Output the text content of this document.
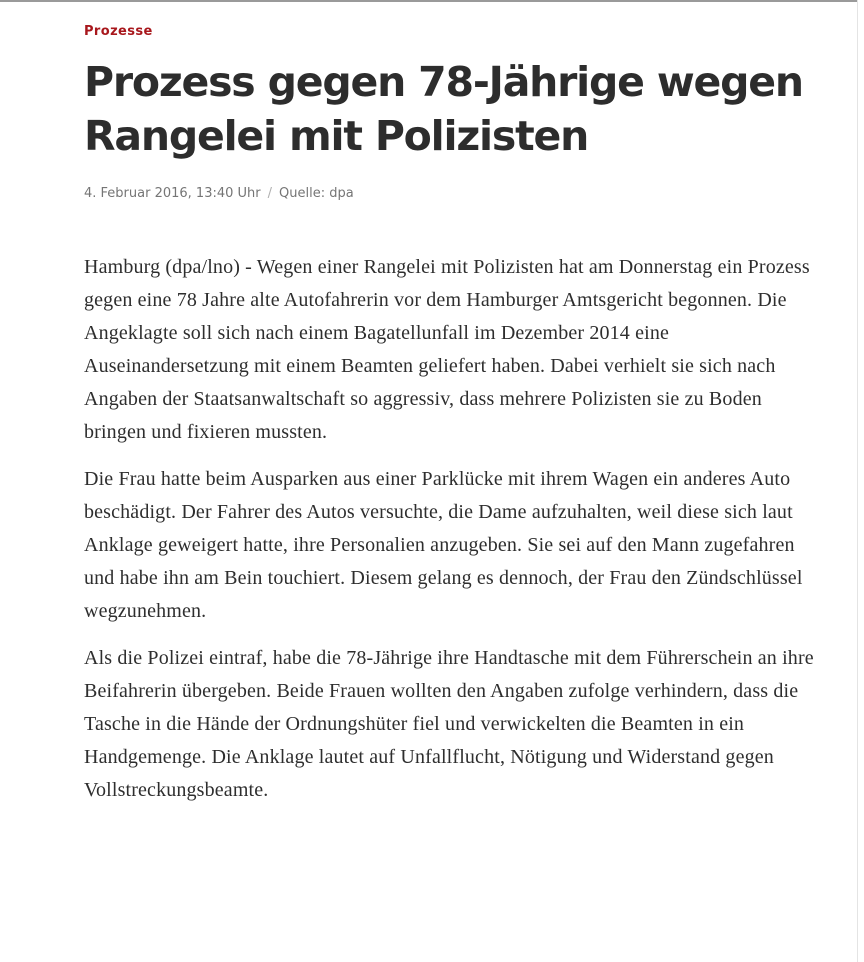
Prozesse
Prozess gegen 78-Jährige wegen Rangelei mit Polizisten
4. Februar 2016, 13:40 Uhr / Quelle: dpa

Hamburg (dpa/lno) - Wegen einer Rangelei mit Polizisten hat am Donnerstag ein Prozess gegen eine 78 Jahre alte Autofahrerin vor dem Hamburger Amtsgericht begonnen. Die Angeklagte soll sich nach einem Bagatellunfall im Dezember 2014 eine Auseinandersetzung mit einem Beamten geliefert haben. Dabei verhielt sie sich nach Angaben der Staatsanwaltschaft so aggressiv, dass mehrere Polizisten sie zu Boden bringen und fixieren mussten.

Die Frau hatte beim Ausparken aus einer Parklücke mit ihrem Wagen ein anderes Auto beschädigt. Der Fahrer des Autos versuchte, die Dame aufzuhalten, weil diese sich laut Anklage geweigert hatte, ihre Personalien anzugeben. Sie sei auf den Mann zugefahren und habe ihn am Bein touchiert. Diesem gelang es dennoch, der Frau den Zündschlüssel wegzunehmen.

Als die Polizei eintraf, habe die 78-Jährige ihre Handtasche mit dem Führerschein an ihre Beifahrerin übergeben. Beide Frauen wollten den Angaben zufolge verhindern, dass die Tasche in die Hände der Ordnungshüter fiel und verwickelten die Beamten in ein Handgemenge. Die Anklage lautet auf Unfallflucht, Nötigung und Widerstand gegen Vollstreckungsbeamte.
